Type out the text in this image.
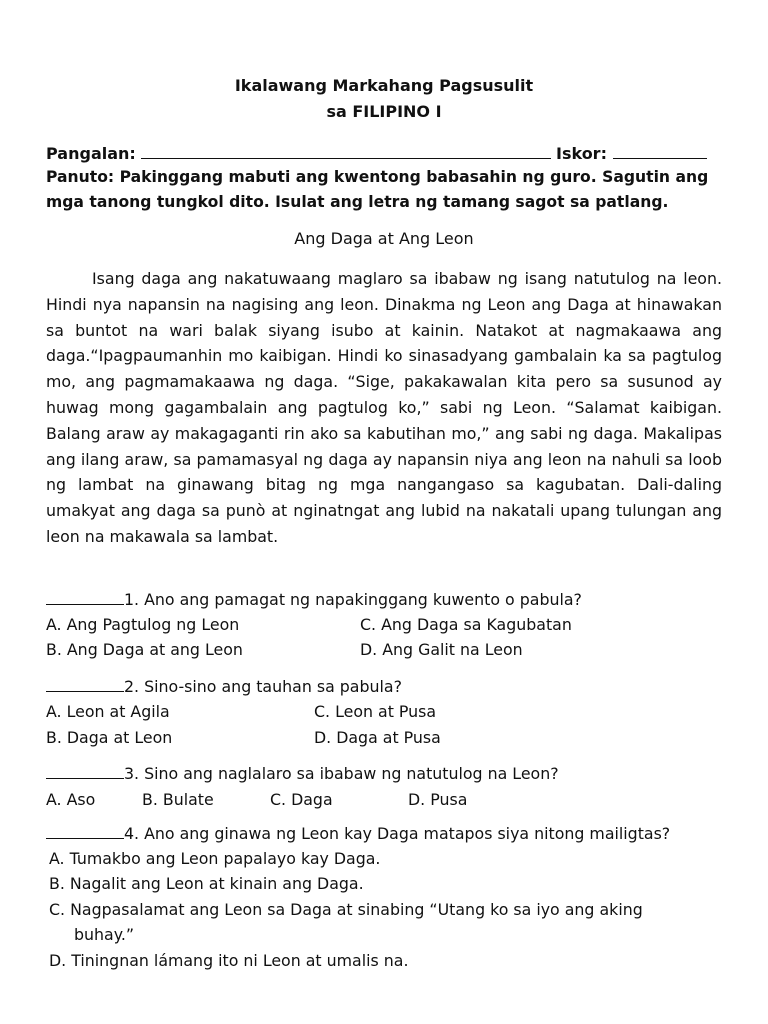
Ikalawang Markahang Pagsusulit
sa FILIPINO I
Pangalan:	Iskor:
Panuto: Pakinggang mabuti ang kwentong babasahin ng guro. Sagutin ang
mga tanong tungkol dito. Isulat ang letra ng tamang sagot sa patlang.
Ang Daga at Ang Leon

Isang daga ang nakatuwaang maglaro sa ibabaw ng isang natutulog na leon. Hindi nya napansin na nagising ang leon. Dinakma ng Leon ang Daga at hinawakan sa buntot na wari balak siyang isubo at kainin. Natakot at nagmakaawa ang daga.“Ipagpaumanhin mo kaibigan. Hindi ko sinasadyang gambalain ka sa pagtulog mo, ang pagmamakaawa ng daga. “Sige, pakakawalan kita pero sa susunod ay huwag mong gagambalain ang pagtulog ko,” sabi ng Leon. “Salamat kaibigan. Balang araw ay makagaganti rin ako sa kabutihan mo,” ang sabi ng daga. Makalipas ang ilang araw, sa pamamasyal ng daga ay napansin niya ang leon na nahuli sa loob ng lambat na ginawang bitag ng mga nangangaso sa kagubatan. Dali-daling umakyat ang daga sa punò at nginatngat ang lubid na nakatali upang tulungan ang leon na makawala sa lambat.

1. Ano ang pamagat ng napakinggang kuwento o pabula?
A. Ang Pagtulog ng Leon	C. Ang Daga sa Kagubatan
B. Ang Daga at ang Leon	D. Ang Galit na Leon
2. Sino-sino ang tauhan sa pabula?
A. Leon at Agila	C. Leon at Pusa
B. Daga at Leon	D. Daga at Pusa
3. Sino ang naglalaro sa ibabaw ng natutulog na Leon?
A. Aso	B. Bulate	C. Daga	D. Pusa
4. Ano ang ginawa ng Leon kay Daga matapos siya nitong mailigtas?
A. Tumakbo ang Leon papalayo kay Daga.
B. Nagalit ang Leon at kinain ang Daga.
C. Nagpasalamat ang Leon sa Daga at sinabing “Utang ko sa iyo ang aking
buhay.”
D. Tiningnan lámang ito ni Leon at umalis na.
